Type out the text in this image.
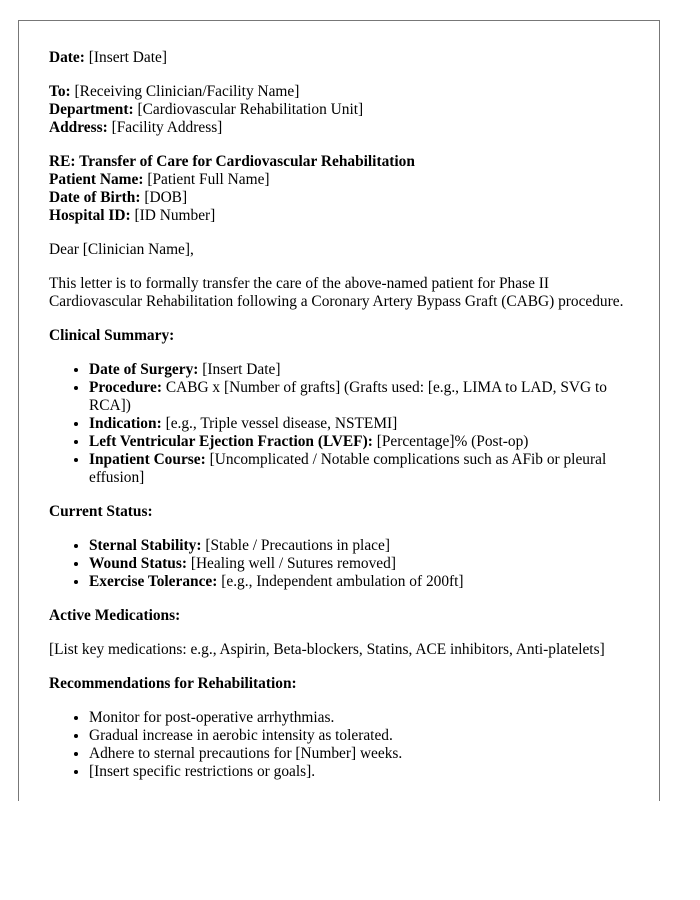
Date: [Insert Date]
To: [Receiving Clinician/Facility Name]
Department: [Cardiovascular Rehabilitation Unit]
Address: [Facility Address]
RE: Transfer of Care for Cardiovascular Rehabilitation
Patient Name: [Patient Full Name]
Date of Birth: [DOB]
Hospital ID: [ID Number]

Dear [Clinician Name],

This letter is to formally transfer the care of the above-named patient for Phase II Cardiovascular Rehabilitation following a Coronary Artery Bypass Graft (CABG) procedure.

Clinical Summary:
• Date of Surgery: [Insert Date]
• Procedure: CABG x [Number of grafts] (Grafts used: [e.g., LIMA to LAD, SVG to RCA])
• Indication: [e.g., Triple vessel disease, NSTEMI]
• Left Ventricular Ejection Fraction (LVEF): [Percentage]% (Post-op)
• Inpatient Course: [Uncomplicated / Notable complications such as AFib or pleural effusion]
Current Status:
• Sternal Stability: [Stable / Precautions in place]
• Wound Status: [Healing well / Sutures removed]
• Exercise Tolerance: [e.g., Independent ambulation of 200ft]
Active Medications:

[List key medications: e.g., Aspirin, Beta-blockers, Statins, ACE inhibitors, Anti-platelets]

Recommendations for Rehabilitation:
• Monitor for post-operative arrhythmias.
• Gradual increase in aerobic intensity as tolerated.
• Adhere to sternal precautions for [Number] weeks.
• [Insert specific restrictions or goals].
